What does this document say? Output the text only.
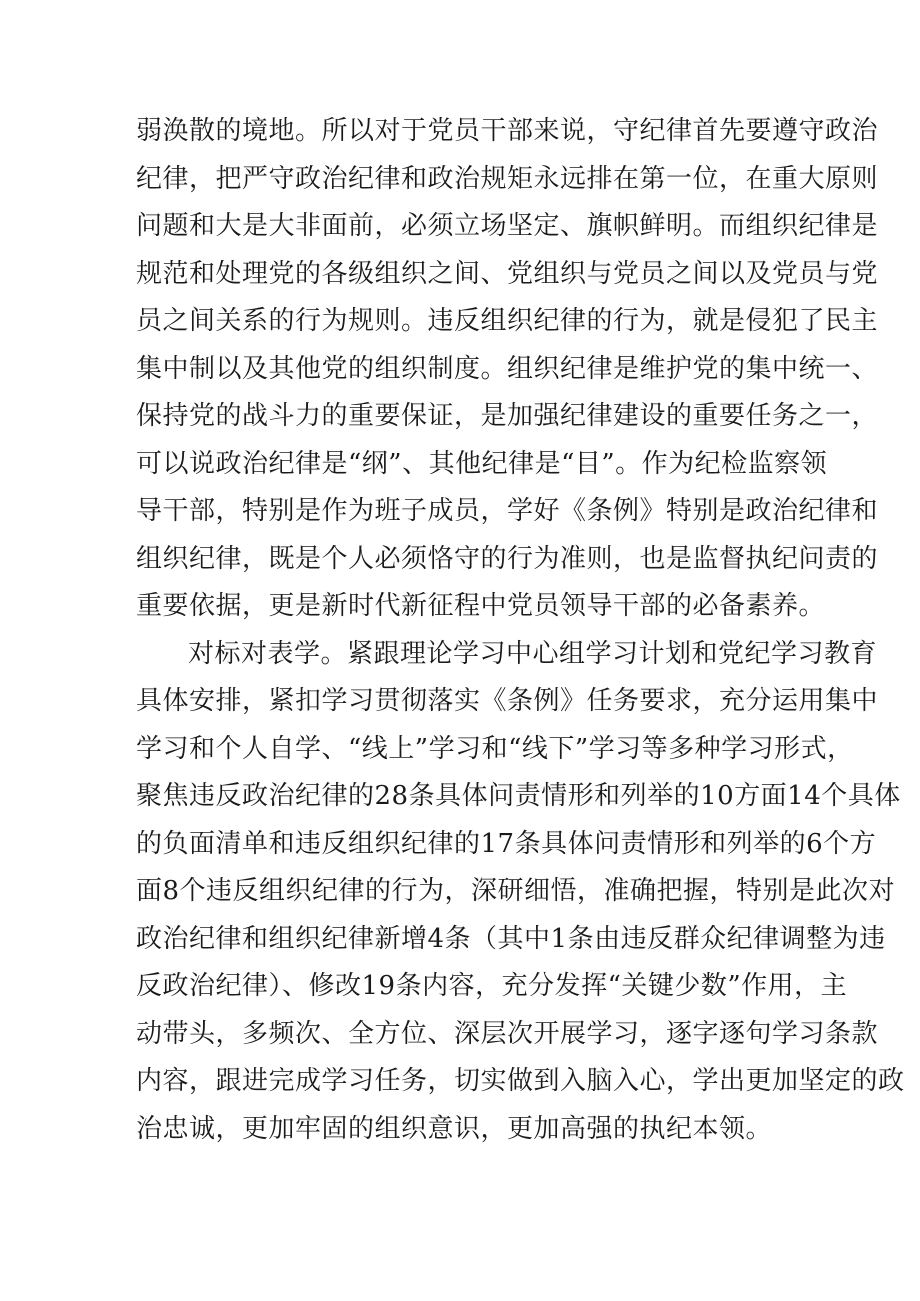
弱涣散的境地。所以对于党员干部来说，守纪律首先要遵守政治
纪律，把严守政治纪律和政治规矩永远排在第一位，在重大原则
问题和大是大非面前，必须立场坚定、旗帜鲜明。而组织纪律是
规范和处理党的各级组织之间、党组织与党员之间以及党员与党
员之间关系的行为规则。违反组织纪律的行为，就是侵犯了民主
集中制以及其他党的组织制度。组织纪律是维护党的集中统一、
保持党的战斗力的重要保证，是加强纪律建设的重要任务之一，
可以说政治纪律是“纲”、其他纪律是“目”。作为纪检监察领
导干部，特别是作为班子成员，学好《条例》特别是政治纪律和
组织纪律，既是个人必须恪守的行为准则，也是监督执纪问责的
重要依据，更是新时代新征程中党员领导干部的必备素养。

对标对表学。紧跟理论学习中心组学习计划和党纪学习教育
具体安排，紧扣学习贯彻落实《条例》任务要求，充分运用集中
学习和个人自学、“线上”学习和“线下”学习等多种学习形式，
聚焦违反政治纪律的28条具体问责情形和列举的10方面14个具体
的负面清单和违反组织纪律的17条具体问责情形和列举的6个方
面8个违反组织纪律的行为，深研细悟，准确把握，特别是此次对
政治纪律和组织纪律新增4条（其中1条由违反群众纪律调整为违
反政治纪律）、修改19条内容，充分发挥“关键少数”作用，主
动带头，多频次、全方位、深层次开展学习，逐字逐句学习条款
内容，跟进完成学习任务，切实做到入脑入心，学出更加坚定的政
治忠诚，更加牢固的组织意识，更加高强的执纪本领。
